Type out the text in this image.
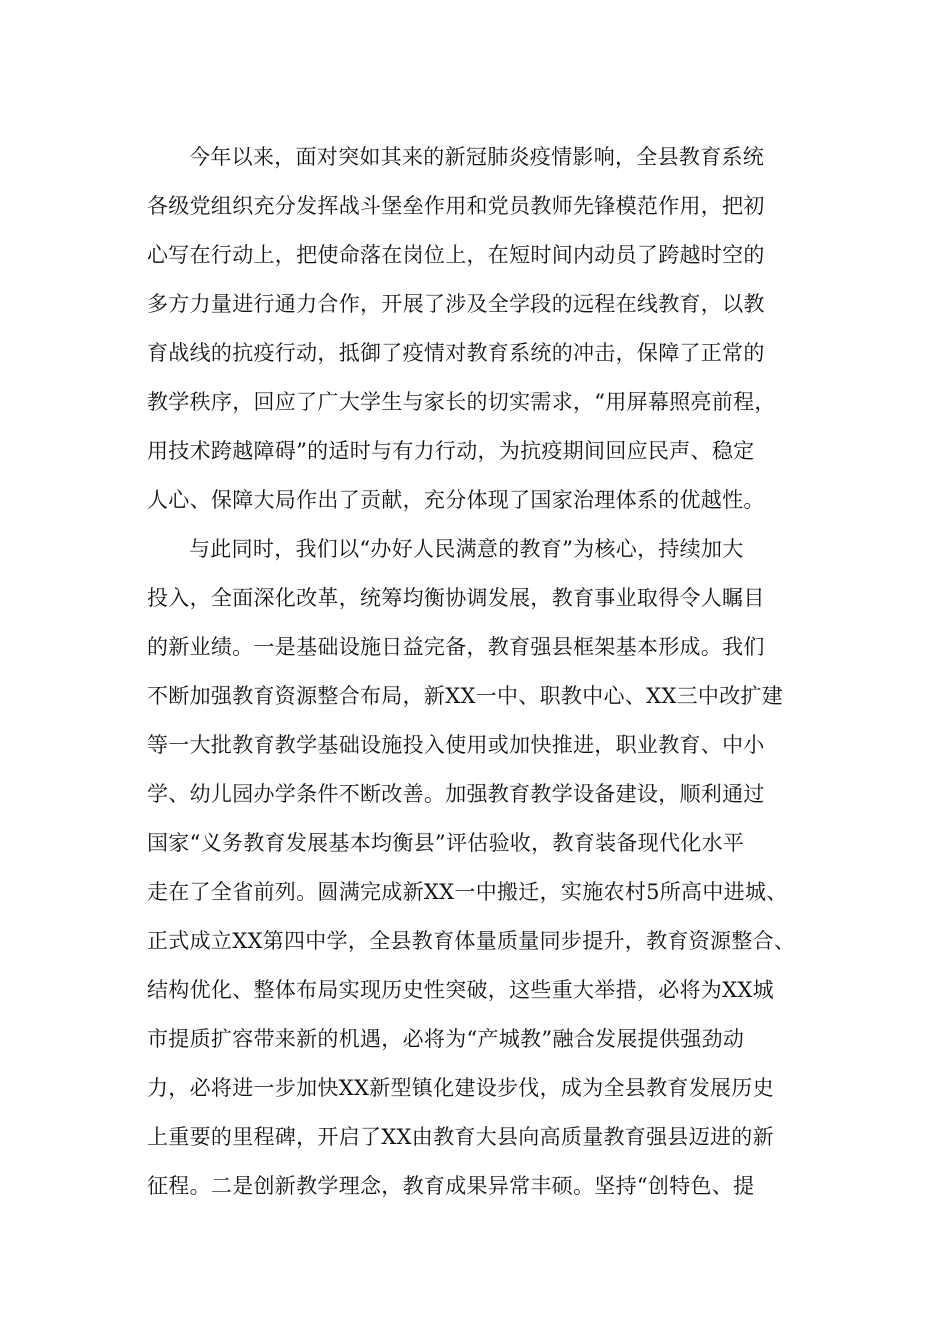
今年以来，面对突如其来的新冠肺炎疫情影响，全县教育系统
各级党组织充分发挥战斗堡垒作用和党员教师先锋模范作用，把初
心写在行动上，把使命落在岗位上，在短时间内动员了跨越时空的
多方力量进行通力合作，开展了涉及全学段的远程在线教育，以教
育战线的抗疫行动，抵御了疫情对教育系统的冲击，保障了正常的
教学秩序，回应了广大学生与家长的切实需求，“用屏幕照亮前程，
用技术跨越障碍”的适时与有力行动，为抗疫期间回应民声、稳定
人心、保障大局作出了贡献，充分体现了国家治理体系的优越性。
与此同时，我们以“办好人民满意的教育”为核心，持续加大
投入，全面深化改革，统筹均衡协调发展，教育事业取得令人瞩目
的新业绩。一是基础设施日益完备，教育强县框架基本形成。我们
不断加强教育资源整合布局，新XX一中、职教中心、XX三中改扩建
等一大批教育教学基础设施投入使用或加快推进，职业教育、中小
学、幼儿园办学条件不断改善。加强教育教学设备建设，顺利通过
国家“义务教育发展基本均衡县”评估验收，教育装备现代化水平
走在了全省前列。圆满完成新XX一中搬迁，实施农村5所高中进城、
正式成立XX第四中学，全县教育体量质量同步提升，教育资源整合、
结构优化、整体布局实现历史性突破，这些重大举措，必将为XX城
市提质扩容带来新的机遇，必将为“产城教”融合发展提供强劲动
力，必将进一步加快XX新型镇化建设步伐，成为全县教育发展历史
上重要的里程碑，开启了XX由教育大县向高质量教育强县迈进的新
征程。二是创新教学理念，教育成果异常丰硕。坚持“创特色、提
